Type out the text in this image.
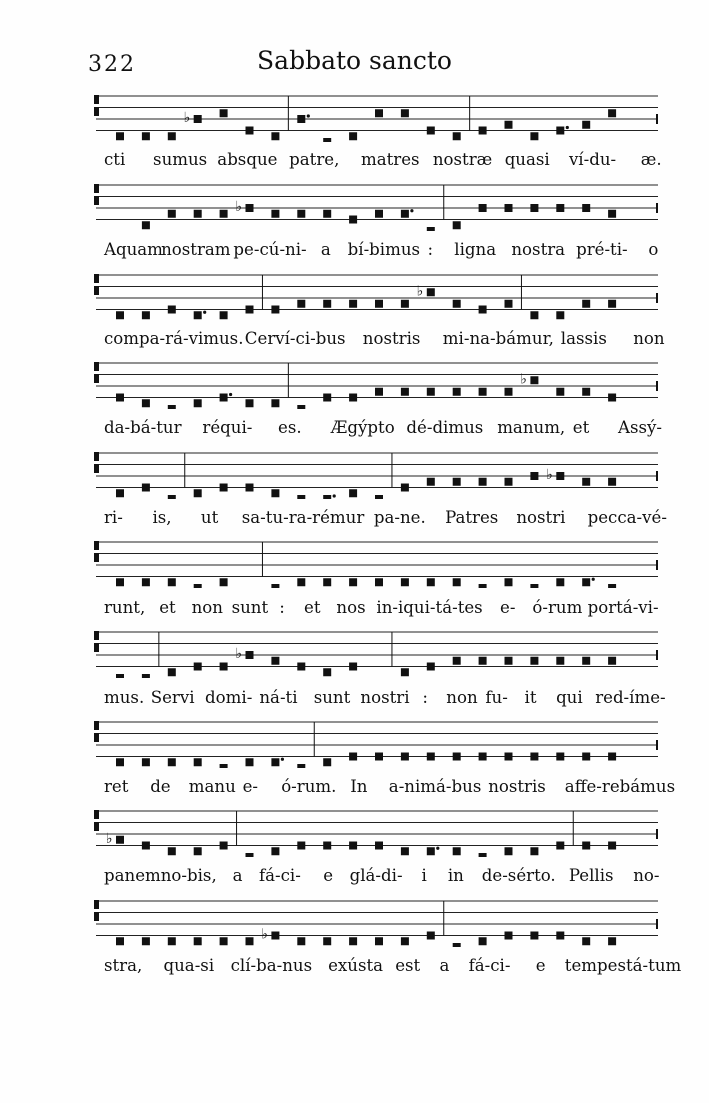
322	Sabbato sancto
♭
cti sumus absque patre, matres nostræ quasi ví-du- æ.
♭
Aquam
nostram pe-cú-ni- a bí-bimus : ligna nostra pré-ti- o
♭
compa-rá-vimus. Cerví-ci-bus nostris mi-na-bámur, lassis non
♭
da-bá-tur réqui- es. Ægýpto dé-dimus manum, et Assý-
♭
ri- is, ut sa-tu-ra-rémur pa-ne. Patres nostri pecca-vé-
runt, et non sunt : et nos in-iqui-tá-tes e- ó-rum portá-vi-
♭
mus. Servi domi- ná-ti sunt nostri : non fu- it qui red-íme-
ret de manu e- ó-rum. In a-nimá-bus nostris affe-rebámus
♭
panem no-bis, a fá-ci- e glá-di- i in de-sérto. Pellis no-
♭
stra, qua-si clí-ba-nus exústa est a fá-ci- e tempestá-tum
